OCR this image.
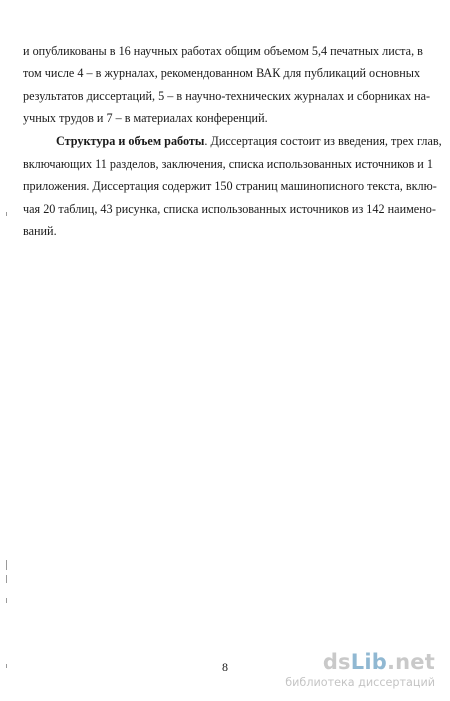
и опубликованы в 16 научных работах общим объемом 5,4 печатных листа, в
том числе 4 – в журналах, рекомендованном ВАК для публикаций основных
результатов диссертаций, 5 – в научно-технических журналах и сборниках на-
учных трудов и 7 – в материалах конференций.
Структура и объем работы . Диссертация состоит из введения, трех глав,
включающих 11 разделов, заключения, списка использованных источников и 1
приложения. Диссертация содержит 150 страниц машинописного текста, вклю-
чая 20 таблиц, 43 рисунка, списка использованных источников из 142 наимено-
ваний.
8	dsLib.net
библиотека диссертаций
